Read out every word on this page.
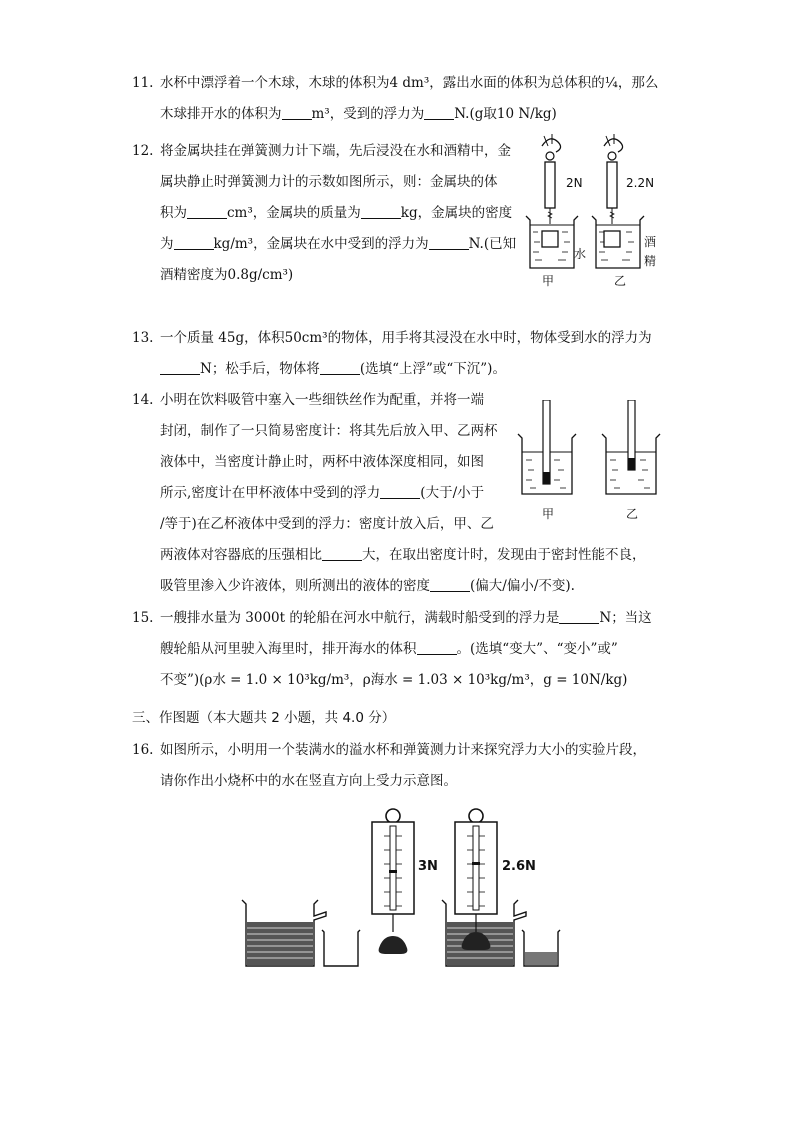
11. 水杯中漂浮着一个木球，木球的体积为4 dm³，露出水面的体积为总体积的¼，那么
木球排开水的体积为 m³，受到的浮力为 N.(g取10 N/kg)
12. 将金属块挂在弹簧测力计下端，先后浸没在水和酒精中，金
属块静止时弹簧测力计的示数如图所示，则：金属块的体
积为	cm³，金属块的质量为	kg，金属块的密度
为	kg/m³，金属块在水中受到的浮力为	N.(已知
酒精密度为0.8g/cm³)
2N
水
甲
2.2N
酒
精
乙
13. 一个质量 45g，体积50cm³的物体，用手将其浸没在水中时，物体受到水的浮力为
N；松手后，物体将	(选填“上浮”或“下沉”)。
14. 小明在饮料吸管中塞入一些细铁丝作为配重，并将一端
封闭，制作了一只简易密度计：将其先后放入甲、乙两杯
液体中，当密度计静止时，两杯中液体深度相同，如图
所示,密度计在甲杯液体中受到的浮力	(大于/小于
/等于)在乙杯液体中受到的浮力：密度计放入后，甲、乙
两液体对容器底的压强相比	大，在取出密度计时，发现由于密封性能不良，
吸管里渗入少许液体，则所测出的液体的密度	(偏大/偏小/不变).
甲	乙
15. 一艘排水量为 3000t 的轮船在河水中航行，满载时船受到的浮力是	N；当这
艘轮船从河里驶入海里时，排开海水的体积	。(选填“变大”、“变小”或”
不变”)(ρ水 = 1.0 × 10³kg/m³，ρ海水 = 1.03 × 10³kg/m³，g = 10N/kg)
三、作图题（本大题共 2 小题，共 4.0 分）
16. 如图所示，小明用一个装满水的溢水杯和弹簧测力计来探究浮力大小的实验片段，
请你作出小烧杯中的水在竖直方向上受力示意图。
3N	2.6N
